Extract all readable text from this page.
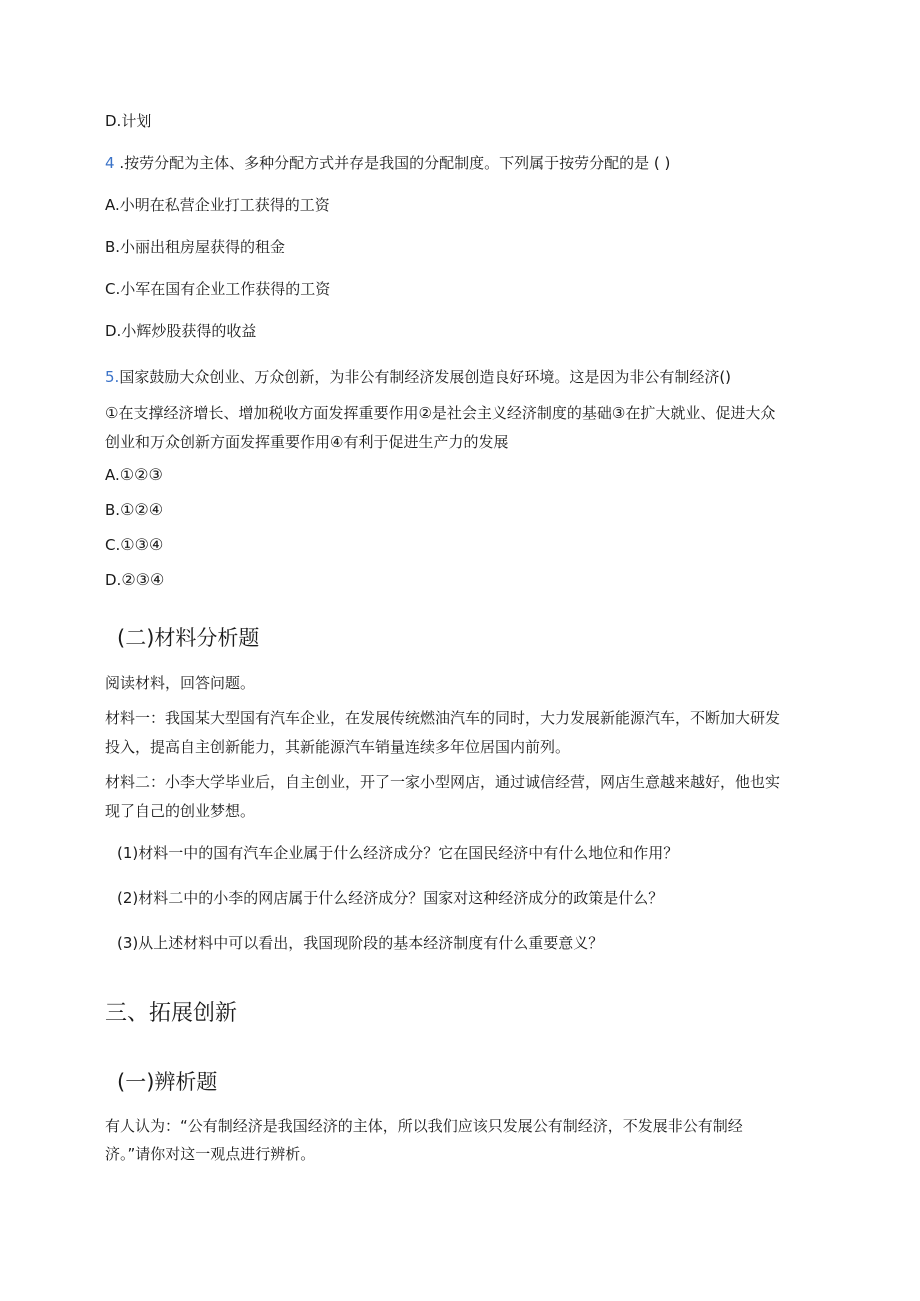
D.计划
4 .按劳分配为主体、多种分配方式并存是我国的分配制度。下列属于按劳分配的是 ( )
A.小明在私营企业打工获得的工资
B.小丽出租房屋获得的租金
C.小军在国有企业工作获得的工资
D.小辉炒股获得的收益
5.国家鼓励大众创业、万众创新，为非公有制经济发展创造良好环境。这是因为非公有制经济()
①在支撑经济增长、增加税收方面发挥重要作用②是社会主义经济制度的基础③在扩大就业、促进大众
创业和万众创新方面发挥重要作用④有利于促进生产力的发展
A.①②③
B.①②④
C.①③④
D.②③④
(二)材料分析题
阅读材料，回答问题。
材料一：我国某大型国有汽车企业，在发展传统燃油汽车的同时，大力发展新能源汽车，不断加大研发
投入，提高自主创新能力，其新能源汽车销量连续多年位居国内前列。
材料二：小李大学毕业后，自主创业，开了一家小型网店，通过诚信经营，网店生意越来越好，他也实
现了自己的创业梦想。
(1)材料一中的国有汽车企业属于什么经济成分？它在国民经济中有什么地位和作用？
(2)材料二中的小李的网店属于什么经济成分？国家对这种经济成分的政策是什么？
(3)从上述材料中可以看出，我国现阶段的基本经济制度有什么重要意义？
三、拓展创新
(一)辨析题
有人认为：“公有制经济是我国经济的主体，所以我们应该只发展公有制经济，不发展非公有制经
济。”请你对这一观点进行辨析。
